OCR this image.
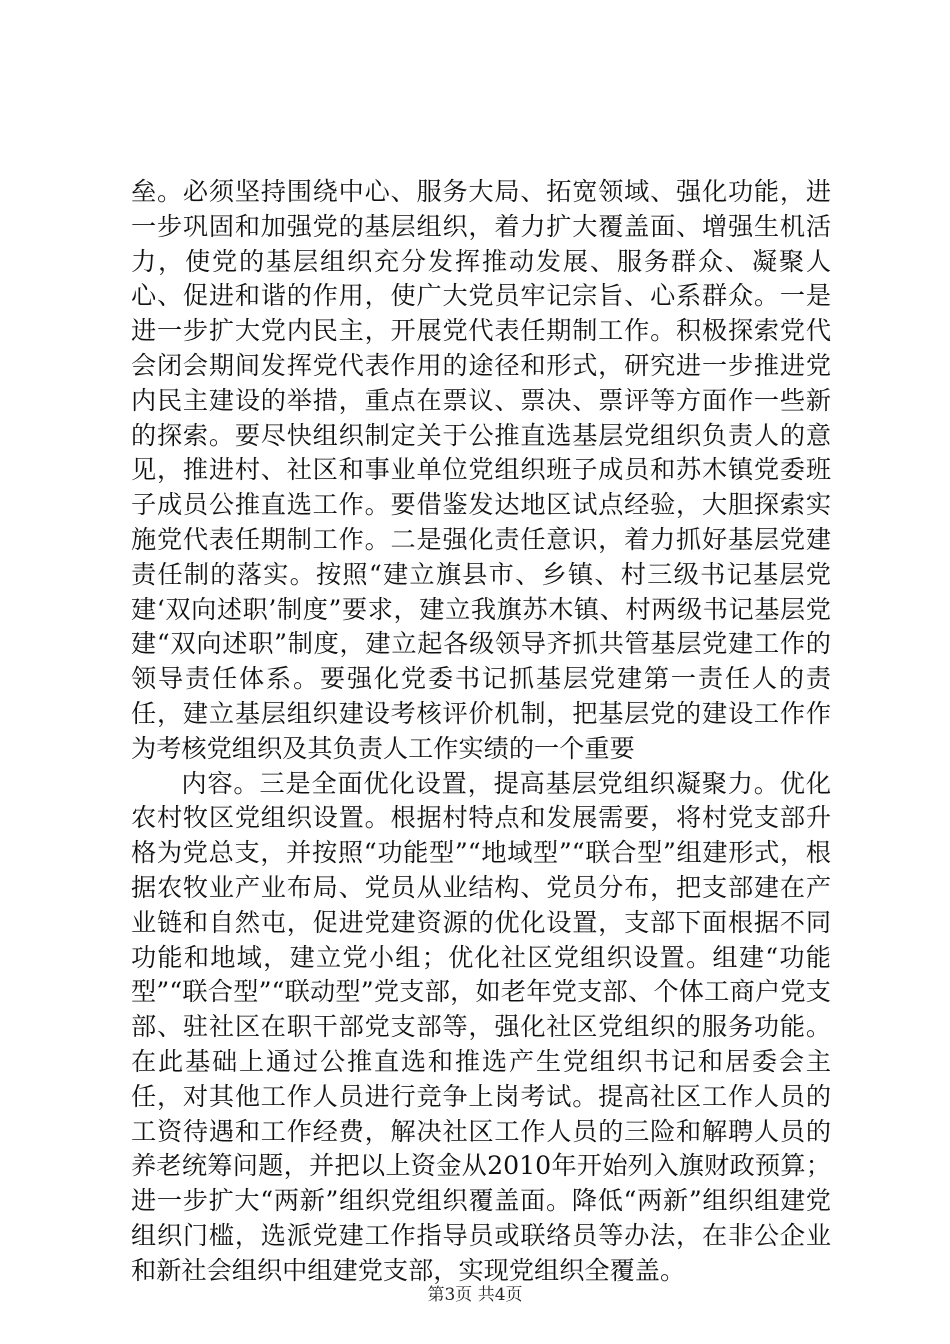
垒。必须坚持围绕中心、服务大局、拓宽领域、强化功能，进一步巩固和加强党的基层组织，着力扩大覆盖面、增强生机活力，使党的基层组织充分发挥推动发展、服务群众、凝聚人心、促进和谐的作用，使广大党员牢记宗旨、心系群众。一是进一步扩大党内民主，开展党代表任期制工作。积极探索党代会闭会期间发挥党代表作用的途径和形式，研究进一步推进党内民主建设的举措，重点在票议、票决、票评等方面作一些新的探索。要尽快组织制定关于公推直选基层党组织负责人的意见，推进村、社区和事业单位党组织班子成员和苏木镇党委班子成员公推直选工作。要借鉴发达地区试点经验，大胆探索实施党代表任期制工作。二是强化责任意识，着力抓好基层党建责任制的落实。按照“建立旗县市、乡镇、村三级书记基层党建‘双向述职’制度”要求，建立我旗苏木镇、村两级书记基层党建“双向述职”制度，建立起各级领导齐抓共管基层党建工作的领导责任体系。要强化党委书记抓基层党建第一责任人的责任，建立基层组织建设考核评价机制，把基层党的建设工作作为考核党组织及其负责人工作实绩的一个重要

内容。三是全面优化设置，提高基层党组织凝聚力。优化农村牧区党组织设置。根据村特点和发展需要，将村党支部升格为党总支，并按照“功能型”“地域型”“联合型”组建形式，根据农牧业产业布局、党员从业结构、党员分布，把支部建在产业链和自然屯，促进党建资源的优化设置，支部下面根据不同功能和地域，建立党小组；优化社区党组织设置。组建“功能型”“联合型”“联动型”党支部，如老年党支部、个体工商户党支部、驻社区在职干部党支部等，强化社区党组织的服务功能。在此基础上通过公推直选和推选产生党组织书记和居委会主任，对其他工作人员进行竞争上岗考试。提高社区工作人员的工资待遇和工作经费，解决社区工作人员的三险和解聘人员的养老统筹问题，并把以上资金从2010年开始列入旗财政预算；进一步扩大“两新”组织党组织覆盖面。降低“两新”组织组建党组织门槛，选派党建工作指导员或联络员等办法，在非公企业和新社会组织中组建党支部，实现党组织全覆盖。

第3页 共4页
